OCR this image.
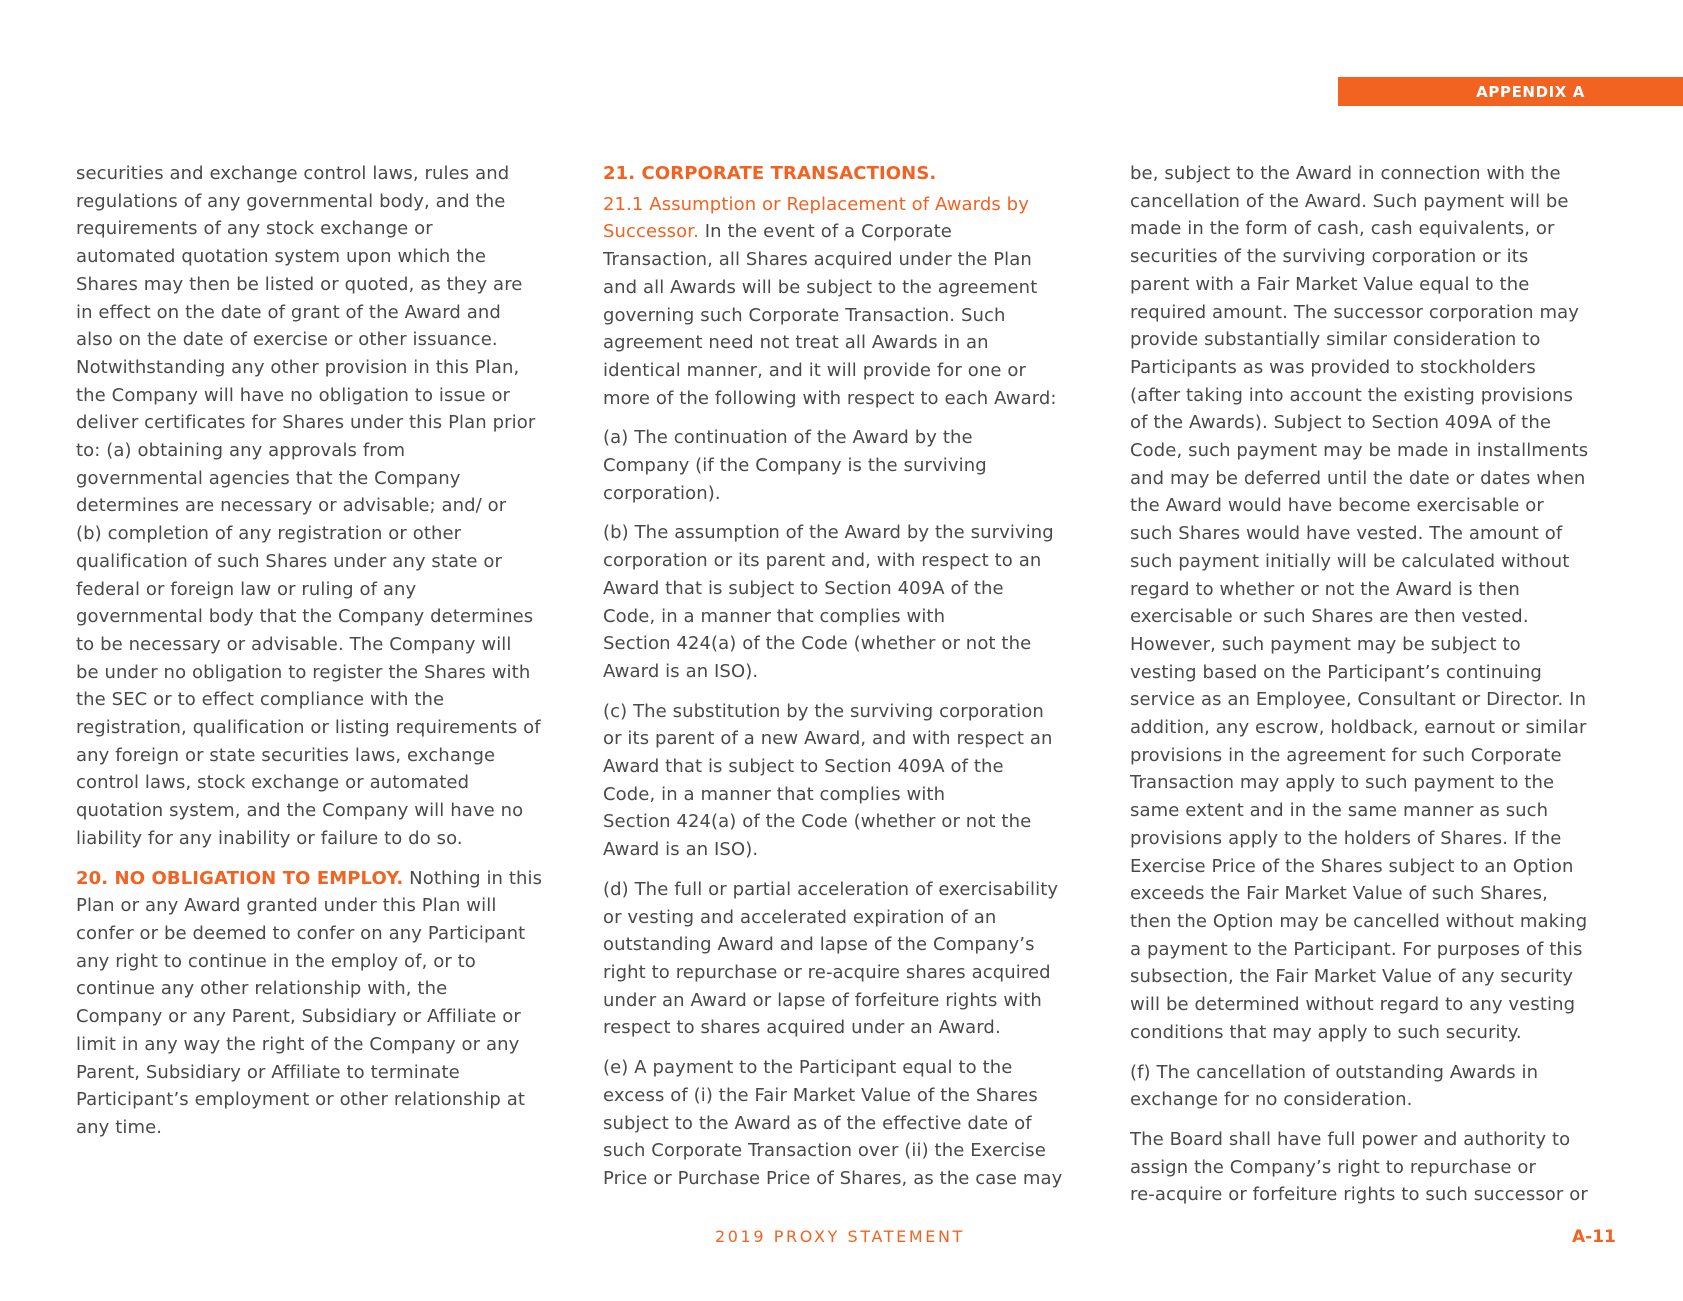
APPENDIX A

securities and exchange control laws, rules and
regulations of any governmental body, and the
requirements of any stock exchange or
automated quotation system upon which the
Shares may then be listed or quoted, as they are
in effect on the date of grant of the Award and
also on the date of exercise or other issuance.
Notwithstanding any other provision in this Plan,
the Company will have no obligation to issue or
deliver certificates for Shares under this Plan prior
to: (a) obtaining any approvals from
governmental agencies that the Company
determines are necessary or advisable; and/ or
(b) completion of any registration or other
qualification of such Shares under any state or
federal or foreign law or ruling of any
governmental body that the Company determines
to be necessary or advisable. The Company will
be under no obligation to register the Shares with
the SEC or to effect compliance with the
registration, qualification or listing requirements of
any foreign or state securities laws, exchange
control laws, stock exchange or automated
quotation system, and the Company will have no
liability for any inability or failure to do so.

20. NO OBLIGATION TO EMPLOY. Nothing in this
Plan or any Award granted under this Plan will
confer or be deemed to confer on any Participant
any right to continue in the employ of, or to
continue any other relationship with, the
Company or any Parent, Subsidiary or Affiliate or
limit in any way the right of the Company or any
Parent, Subsidiary or Affiliate to terminate
Participant’s employment or other relationship at
any time.

21. CORPORATE TRANSACTIONS.

21.1 Assumption or Replacement of Awards by
Successor. In the event of a Corporate
Transaction, all Shares acquired under the Plan
and all Awards will be subject to the agreement
governing such Corporate Transaction. Such
agreement need not treat all Awards in an
identical manner, and it will provide for one or
more of the following with respect to each Award:

(a) The continuation of the Award by the
Company (if the Company is the surviving
corporation).

(b) The assumption of the Award by the surviving
corporation or its parent and, with respect to an
Award that is subject to Section 409A of the
Code, in a manner that complies with
Section 424(a) of the Code (whether or not the
Award is an ISO).

(c) The substitution by the surviving corporation
or its parent of a new Award, and with respect an
Award that is subject to Section 409A of the
Code, in a manner that complies with
Section 424(a) of the Code (whether or not the
Award is an ISO).

(d) The full or partial acceleration of exercisability
or vesting and accelerated expiration of an
outstanding Award and lapse of the Company’s
right to repurchase or re-acquire shares acquired
under an Award or lapse of forfeiture rights with
respect to shares acquired under an Award.

(e) A payment to the Participant equal to the
excess of (i) the Fair Market Value of the Shares
subject to the Award as of the effective date of
such Corporate Transaction over (ii) the Exercise
Price or Purchase Price of Shares, as the case may

be, subject to the Award in connection with the
cancellation of the Award. Such payment will be
made in the form of cash, cash equivalents, or
securities of the surviving corporation or its
parent with a Fair Market Value equal to the
required amount. The successor corporation may
provide substantially similar consideration to
Participants as was provided to stockholders
(after taking into account the existing provisions
of the Awards). Subject to Section 409A of the
Code, such payment may be made in installments
and may be deferred until the date or dates when
the Award would have become exercisable or
such Shares would have vested. The amount of
such payment initially will be calculated without
regard to whether or not the Award is then
exercisable or such Shares are then vested.
However, such payment may be subject to
vesting based on the Participant’s continuing
service as an Employee, Consultant or Director. In
addition, any escrow, holdback, earnout or similar
provisions in the agreement for such Corporate
Transaction may apply to such payment to the
same extent and in the same manner as such
provisions apply to the holders of Shares. If the
Exercise Price of the Shares subject to an Option
exceeds the Fair Market Value of such Shares,
then the Option may be cancelled without making
a payment to the Participant. For purposes of this
subsection, the Fair Market Value of any security
will be determined without regard to any vesting
conditions that may apply to such security.

(f) The cancellation of outstanding Awards in
exchange for no consideration.

The Board shall have full power and authority to
assign the Company’s right to repurchase or
re-acquire or forfeiture rights to such successor or

2019 PROXY STATEMENT	A-11
